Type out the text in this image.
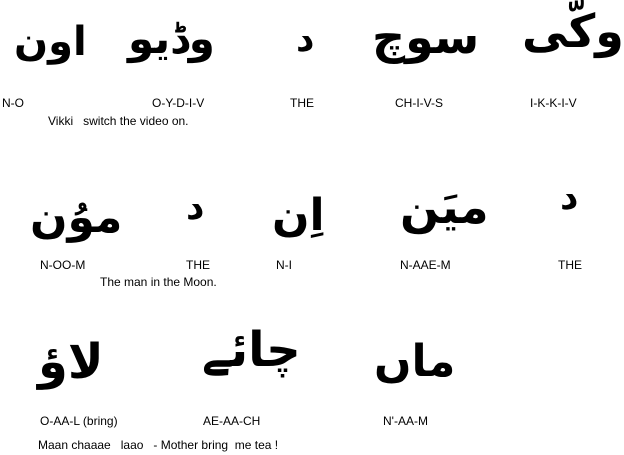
اون وڈیو د سوچ وکّی
N-O	O-Y-D-I-V	THE	CH-I-V-S	I-K-K-I-V
Vikki   switch the video on.
موُن د اِن میَن د
N-OO-M	THE	N-I	N-AAE-M	THE
The man in the Moon.
لاؤ چائے ماں
O-AA-L (bring)	AE-AA-CH	N'-AA-M
Maan chaaae   laao   - Mother bring  me tea !
